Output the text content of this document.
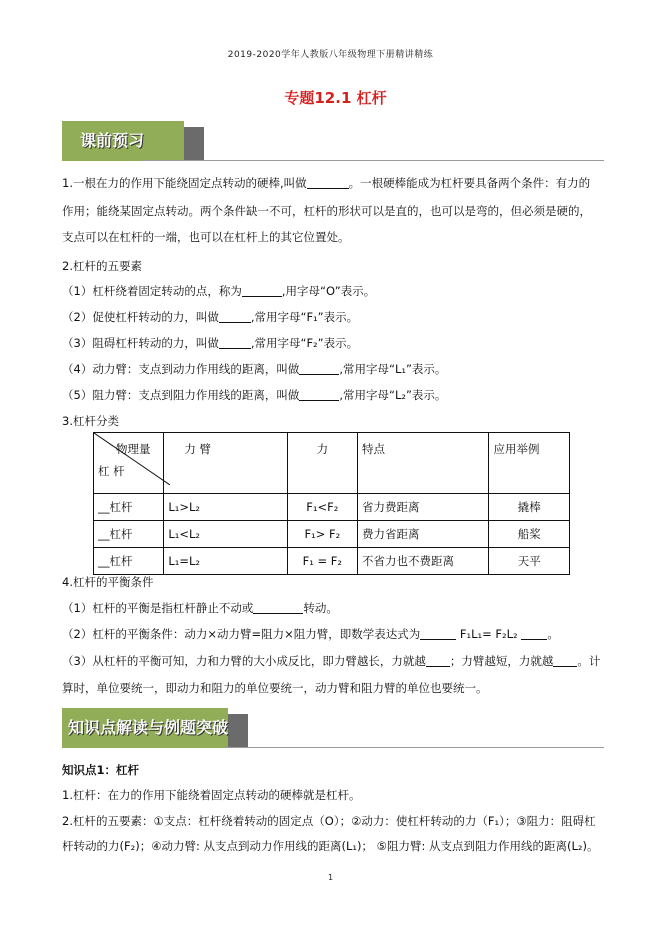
2019-2020学年人教版八年级物理下册精讲精练
专题12.1 杠杆
课前预习
1.一根在力的作用下能绕固定点转动的硬棒,叫做	。一根硬棒能成为杠杆要具备两个条件：有力的
作用；能绕某固定点转动。两个条件缺一不可，杠杆的形状可以是直的，也可以是弯的，但必须是硬的，
支点可以在杠杆的一端，也可以在杠杆上的其它位置处。
2.杠杆的五要素
（1）杠杆绕着固定转动的点，称为	,用字母“O”表示。
（2）促使杠杆转动的力，叫做	,常用字母“F₁”表示。
（3）阻碍杠杆转动的力，叫做	,常用字母“F₂”表示。
（4）动力臂：支点到动力作用线的距离，叫做	,常用字母“L₁”表示。
（5）阻力臂：支点到阻力作用线的距离，叫做	,常用字母“L₂”表示。
3.杠杆分类
物理量
杠 杆	力 臂	力	特点	应用举例
__杠杆	L₁>L₂	F₁<F₂	省力费距离	撬棒
__杠杆	L₁<L₂	F₁> F₂	费力省距离	船桨
__杠杆	L₁=L₂	F₁ = F₂	不省力也不费距离	天平
4.杠杆的平衡条件
（1）杠杆的平衡是指杠杆静止不动或	转动。
（2）杠杆的平衡条件：动力×动力臂=阻力×阻力臂，即数学表达式为	F₁L₁= F₂L₂ 。
（3）从杠杆的平衡可知，力和力臂的大小成反比，即力臂越长，力就越 ；力臂越短，力就越 。计
算时，单位要统一，即动力和阻力的单位要统一，动力臂和阻力臂的单位也要统一。
知识点解读与例题突破
知识点1：杠杆
1.杠杆：在力的作用下能绕着固定点转动的硬棒就是杠杆。
2.杠杆的五要素：①支点：杠杆绕着转动的固定点（O）；②动力：使杠杆转动的力（F₁）；③阻力：阻碍杠
杆转动的力(F₂)；④动力臂: 从支点到动力作用线的距离(L₁)； ⑤阻力臂: 从支点到阻力作用线的距离(L₂)。
1
